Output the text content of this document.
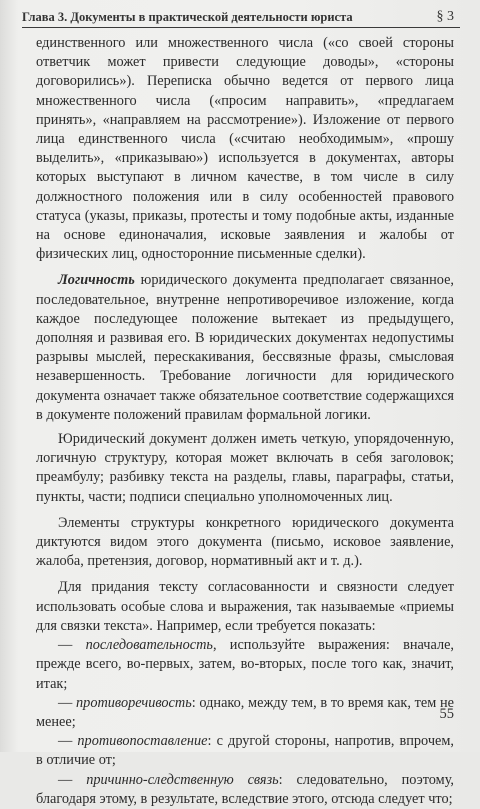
Глава 3. Документы в практической деятельности юриста	§ 3

единственного или множественного числа («со своей стороны ответчик может привести следующие доводы», «стороны договорились»). Переписка обычно ведется от первого лица множественного числа («просим направить», «предлагаем принять», «направляем на рассмотрение»). Изложение от первого лица единственного числа («считаю необходимым», «прошу выделить», «приказываю») используется в документах, авторы которых выступают в личном качестве, в том числе в силу должностного положения или в силу особенностей правового статуса (указы, приказы, протесты и тому подобные акты, изданные на основе единоначалия, исковые заявления и жалобы от физических лиц, односторонние письменные сделки).

Логичность юридического документа предполагает связанное, последовательное, внутренне непротиворечивое изложение, когда каждое последующее положение вытекает из предыдущего, дополняя и развивая его. В юридических документах недопустимы разрывы мыслей, перескакивания, бессвязные фразы, смысловая незавершенность. Требование логичности для юридического документа означает также обязательное соответствие содержащихся в документе положений правилам формальной логики.

Юридический документ должен иметь четкую, упорядоченную, логичную структуру, которая может включать в себя заголовок; преамбулу; разбивку текста на разделы, главы, параграфы, статьи, пункты, части; подписи специально уполномоченных лиц.

Элементы структуры конкретного юридического документа диктуются видом этого документа (письмо, исковое заявление, жалоба, претензия, договор, нормативный акт и т. д.).

Для придания тексту согласованности и связности следует использовать особые слова и выражения, так называемые «приемы для связки текста». Например, если требуется показать:

— последовательность, используйте выражения: вначале, прежде всего, во-первых, затем, во-вторых, после того как, значит, итак;

— противоречивость: однако, между тем, в то время как, тем не менее;

— противопоставление: с другой стороны, напротив, впрочем, в отличие от;

— причинно-следственную связь: следовательно, поэтому, благодаря этому, в результате, вследствие этого, отсюда следует что;

55
